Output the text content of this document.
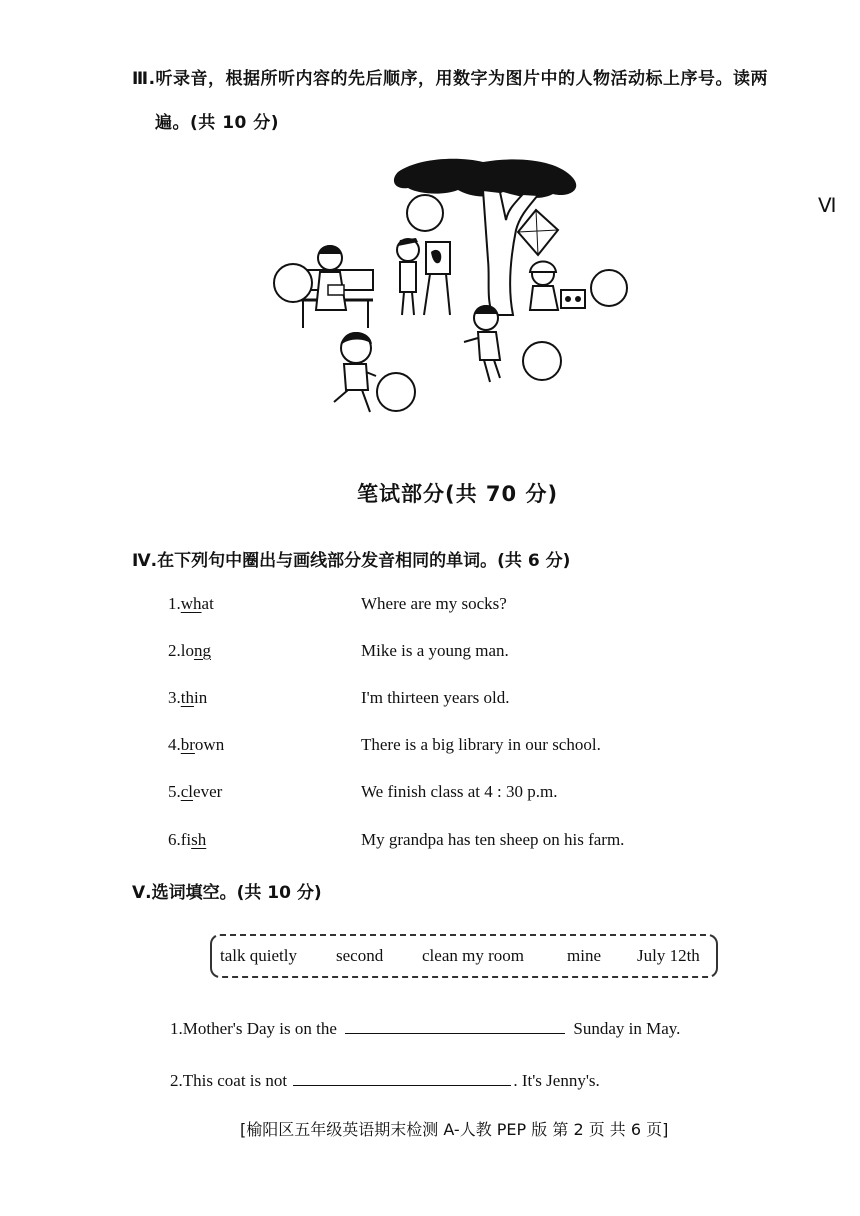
Ⅲ.听录音，根据所听内容的先后顺序，用数字为图片中的人物活动标上序号。读两
遍。(共 10 分)
Ⅵ
笔试部分(共 70 分)
Ⅳ.在下列句中圈出与画线部分发音相同的单词。(共 6 分)
1.what	Where are my socks?
2.long	Mike is a young man.
3.thin	I'm thirteen years old.
4.brown	There is a big library in our school.
5.clever	We finish class at 4 : 30 p.m.
6.fish	My grandpa has ten sheep on his farm.
Ⅴ.选词填空。(共 10 分)
talk quietly second clean my room	mine July 12th
1.Mother's Day is on the	Sunday in May.
2.This coat is not	. It's Jenny's.
[榆阳区五年级英语期末检测 A-人教 PEP 版 第 2 页 共 6 页]
